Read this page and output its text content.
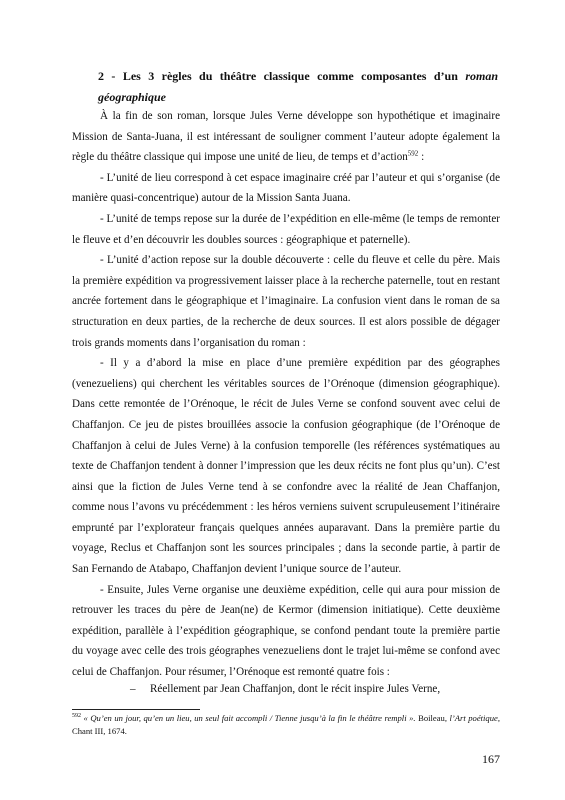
2 - Les 3 règles du théâtre classique comme composantes d’un roman géographique

À la fin de son roman, lorsque Jules Verne développe son hypothétique et imaginaire Mission de Santa-Juana, il est intéressant de souligner comment l’auteur adopte également la règle du théâtre classique qui impose une unité de lieu, de temps et d’action$^{592}$ :

- L’unité de lieu correspond à cet espace imaginaire créé par l’auteur et qui s’organise (de manière quasi-concentrique) autour de la Mission Santa Juana.

- L’unité de temps repose sur la durée de l’expédition en elle-même (le temps de remonter le fleuve et d’en découvrir les doubles sources : géographique et paternelle).

- L’unité d’action repose sur la double découverte : celle du fleuve et celle du père. Mais la première expédition va progressivement laisser place à la recherche paternelle, tout en restant ancrée fortement dans le géographique et l’imaginaire. La confusion vient dans le roman de sa structuration en deux parties, de la recherche de deux sources. Il est alors possible de dégager trois grands moments dans l’organisation du roman :

- Il y a d’abord la mise en place d’une première expédition par des géographes (venezueliens) qui cherchent les véritables sources de l’Orénoque (dimension géographique). Dans cette remontée de l’Orénoque, le récit de Jules Verne se confond souvent avec celui de Chaffanjon. Ce jeu de pistes brouillées associe la confusion géographique (de l’Orénoque de Chaffanjon à celui de Jules Verne) à la confusion temporelle (les références systématiques au texte de Chaffanjon tendent à donner l’impression que les deux récits ne font plus qu’un). C’est ainsi que la fiction de Jules Verne tend à se confondre avec la réalité de Jean Chaffanjon, comme nous l’avons vu précédemment : les héros verniens suivent scrupuleusement l’itinéraire emprunté par l’explorateur français quelques années auparavant. Dans la première partie du voyage, Reclus et Chaffanjon sont les sources principales ; dans la seconde partie, à partir de San Fernando de Atabapo, Chaffanjon devient l’unique source de l’auteur.

- Ensuite, Jules Verne organise une deuxième expédition, celle qui aura pour mission de retrouver les traces du père de Jean(ne) de Kermor (dimension initiatique). Cette deuxième expédition, parallèle à l’expédition géographique, se confond pendant toute la première partie du voyage avec celle des trois géographes venezueliens dont le trajet lui-même se confond avec celui de Chaffanjon. Pour résumer, l’Orénoque est remonté quatre fois :

– Réellement par Jean Chaffanjon, dont le récit inspire Jules Verne,
$^{592}$ « Qu’en un jour, qu’en un lieu, un seul fait accompli / Tienne jusqu’à la fin le théâtre rempli ». Boileau, l’Art poétique, Chant III, 1674.
167
